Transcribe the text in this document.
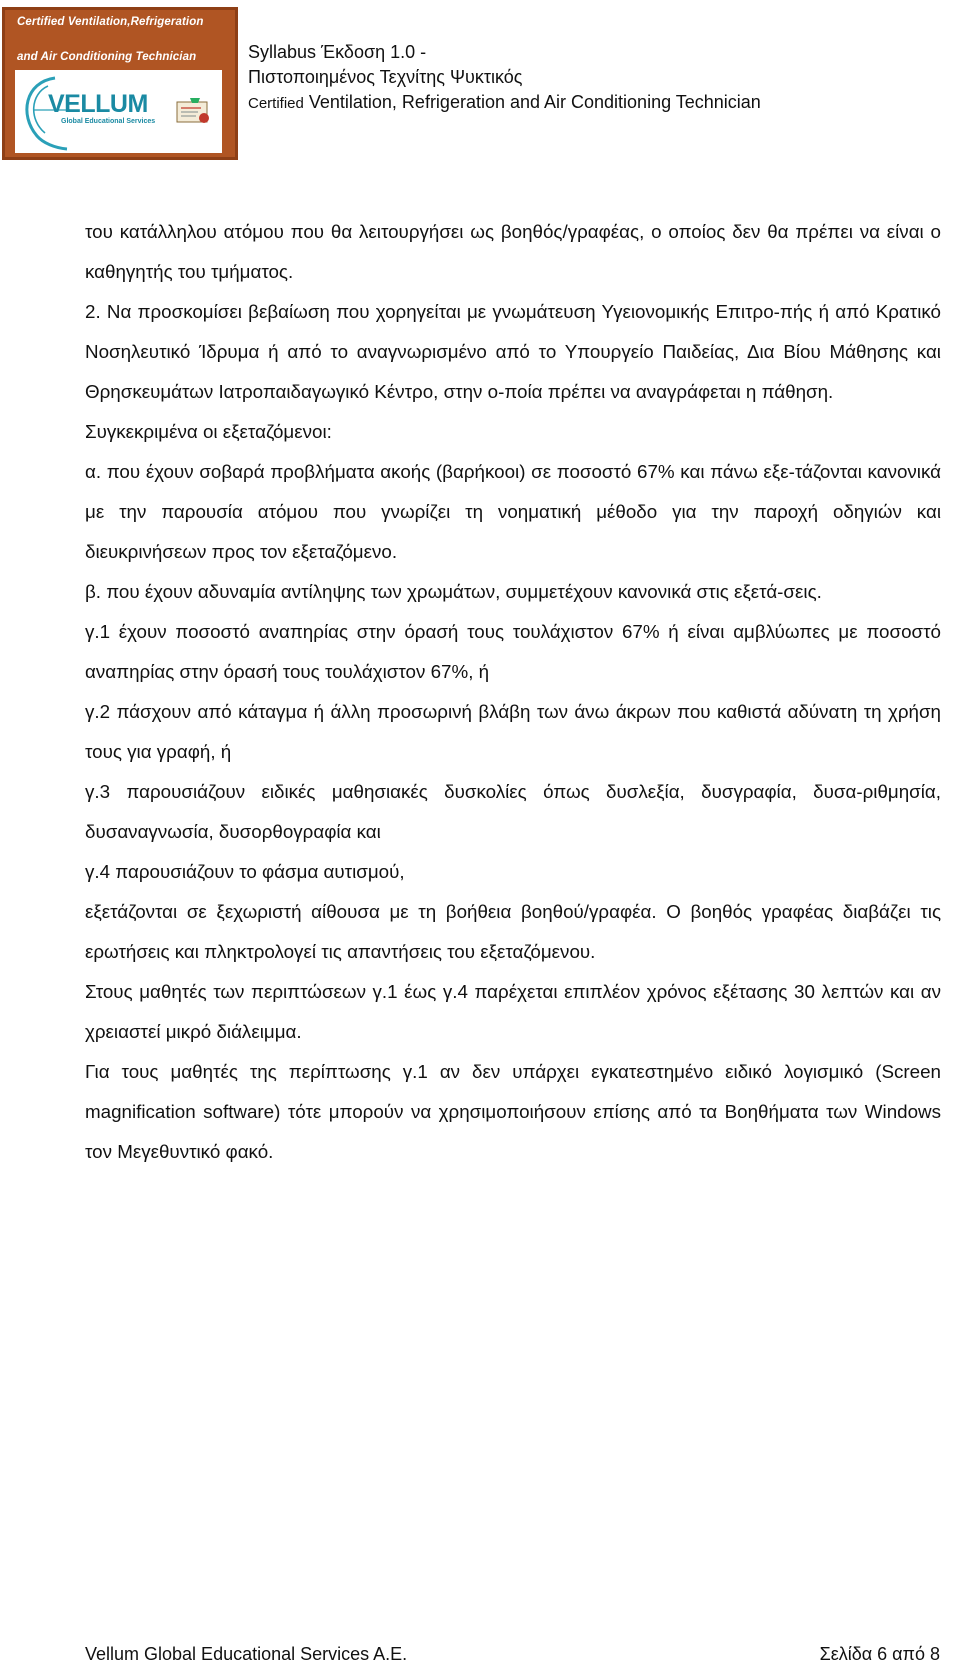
Certified Ventilation,Refrigeration
and Air Conditioning Technician
VELLUM
Global Educational Services
Syllabus Έκδοση 1.0 -
Πιστοποιημένος Τεχνίτης Ψυκτικός
Certified Ventilation, Refrigeration and Air Conditioning Technician

του κατάλληλου ατόμου που θα λειτουργήσει ως βοηθός/γραφέας, ο οποίος δεν θα πρέπει να είναι ο καθηγητής του τμήματος.

2. Να προσκομίσει βεβαίωση που χορηγείται με γνωμάτευση Υγειονομικής Επιτρο-πής ή από Κρατικό Νοσηλευτικό Ίδρυμα ή από το αναγνωρισμένο από το Υπουργείο Παιδείας, Δια Βίου Μάθησης και Θρησκευμάτων Ιατροπαιδαγωγικό Κέντρο, στην ο-ποία πρέπει να αναγράφεται η πάθηση.

Συγκεκριμένα οι εξεταζόμενοι:

α. που έχουν σοβαρά προβλήματα ακοής (βαρήκοοι) σε ποσοστό 67% και πάνω εξε-τάζονται κανονικά με την παρουσία ατόμου που γνωρίζει τη νοηματική μέθοδο για την παροχή οδηγιών και διευκρινήσεων προς τον εξεταζόμενο.

β. που έχουν αδυναμία αντίληψης των χρωμάτων, συμμετέχουν κανονικά στις εξετά-σεις.

γ.1 έχουν ποσοστό αναπηρίας στην όρασή τους τουλάχιστον 67% ή είναι αμβλύωπες με ποσοστό αναπηρίας στην όρασή τους τουλάχιστον 67%, ή

γ.2 πάσχουν από κάταγμα ή άλλη προσωρινή βλάβη των άνω άκρων που καθιστά αδύνατη τη χρήση τους για γραφή, ή

γ.3 παρουσιάζουν ειδικές μαθησιακές δυσκολίες όπως δυσλεξία, δυσγραφία, δυσα-ριθμησία, δυσαναγνωσία, δυσορθογραφία και

γ.4 παρουσιάζουν το φάσμα αυτισμού,

εξετάζονται σε ξεχωριστή αίθουσα με τη βοήθεια βοηθού/γραφέα. Ο βοηθός γραφέας διαβάζει τις ερωτήσεις και πληκτρολογεί τις απαντήσεις του εξεταζόμενου.

Στους μαθητές των περιπτώσεων γ.1 έως γ.4 παρέχεται επιπλέον χρόνος εξέτασης 30 λεπτών και αν χρειαστεί μικρό διάλειμμα.

Για τους μαθητές της περίπτωσης γ.1 αν δεν υπάρχει εγκατεστημένο ειδικό λογισμικό (Screen magnification software) τότε μπορούν να χρησιμοποιήσουν επίσης από τα Βοηθήματα των Windows τον Μεγεθυντικό φακό.

Vellum Global Educational Services A.E.	Σελίδα 6 από 8
